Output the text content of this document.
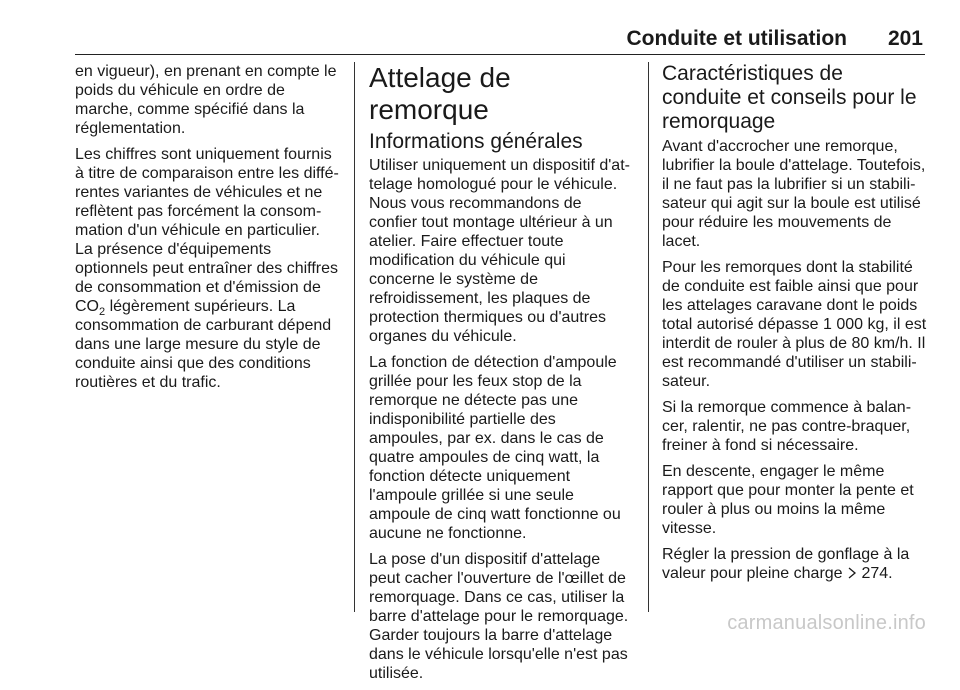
Conduite et utilisation 201

en vigueur), en prenant en compte le poids du véhicule en ordre de marche, comme spécifié dans la réglementation.

Les chiffres sont uniquement fournis à titre de comparaison entre les différentes variantes de véhicules et ne reflètent pas forcément la consommation d'un véhicule en particulier. La présence d'équipements optionnels peut entraîner des chiffres de consommation et d'émission de $CO_2$ légèrement supérieurs. La consommation de carburant dépend dans une large mesure du style de conduite ainsi que des conditions routières et du trafic.

Attelage de remorque
Informations générales

Utiliser uniquement un dispositif d'attelage homologué pour le véhicule. Nous vous recommandons de confier tout montage ultérieur à un atelier. Faire effectuer toute modification du véhicule qui concerne le système de refroidissement, les plaques de protection thermiques ou d'autres organes du véhicule.

La fonction de détection d'ampoule grillée pour les feux stop de la remorque ne détecte pas une indisponibilité partielle des ampoules, par ex. dans le cas de quatre ampoules de cinq watt, la fonction détecte uniquement l'ampoule grillée si une seule ampoule de cinq watt fonctionne ou aucune ne fonctionne.

La pose d'un dispositif d'attelage peut cacher l'ouverture de l'œillet de remorquage. Dans ce cas, utiliser la barre d'attelage pour le remorquage. Garder toujours la barre d'attelage dans le véhicule lorsqu'elle n'est pas utilisée.

Caractéristiques de conduite et conseils pour le remorquage

Avant d'accrocher une remorque, lubrifier la boule d'attelage. Toutefois, il ne faut pas la lubrifier si un stabilisateur qui agit sur la boule est utilisé pour réduire les mouvements de lacet.

Pour les remorques dont la stabilité de conduite est faible ainsi que pour les attelages caravane dont le poids total autorisé dépasse 1 000 kg, il est interdit de rouler à plus de 80 km/h. Il est recommandé d'utiliser un stabilisateur.

Si la remorque commence à balancer, ralentir, ne pas contre-braquer, freiner à fond si nécessaire.

En descente, engager le même rapport que pour monter la pente et rouler à plus ou moins la même vitesse.

Régler la pression de gonflage à la valeur pour pleine charge  274.

carmanualsonline.info
